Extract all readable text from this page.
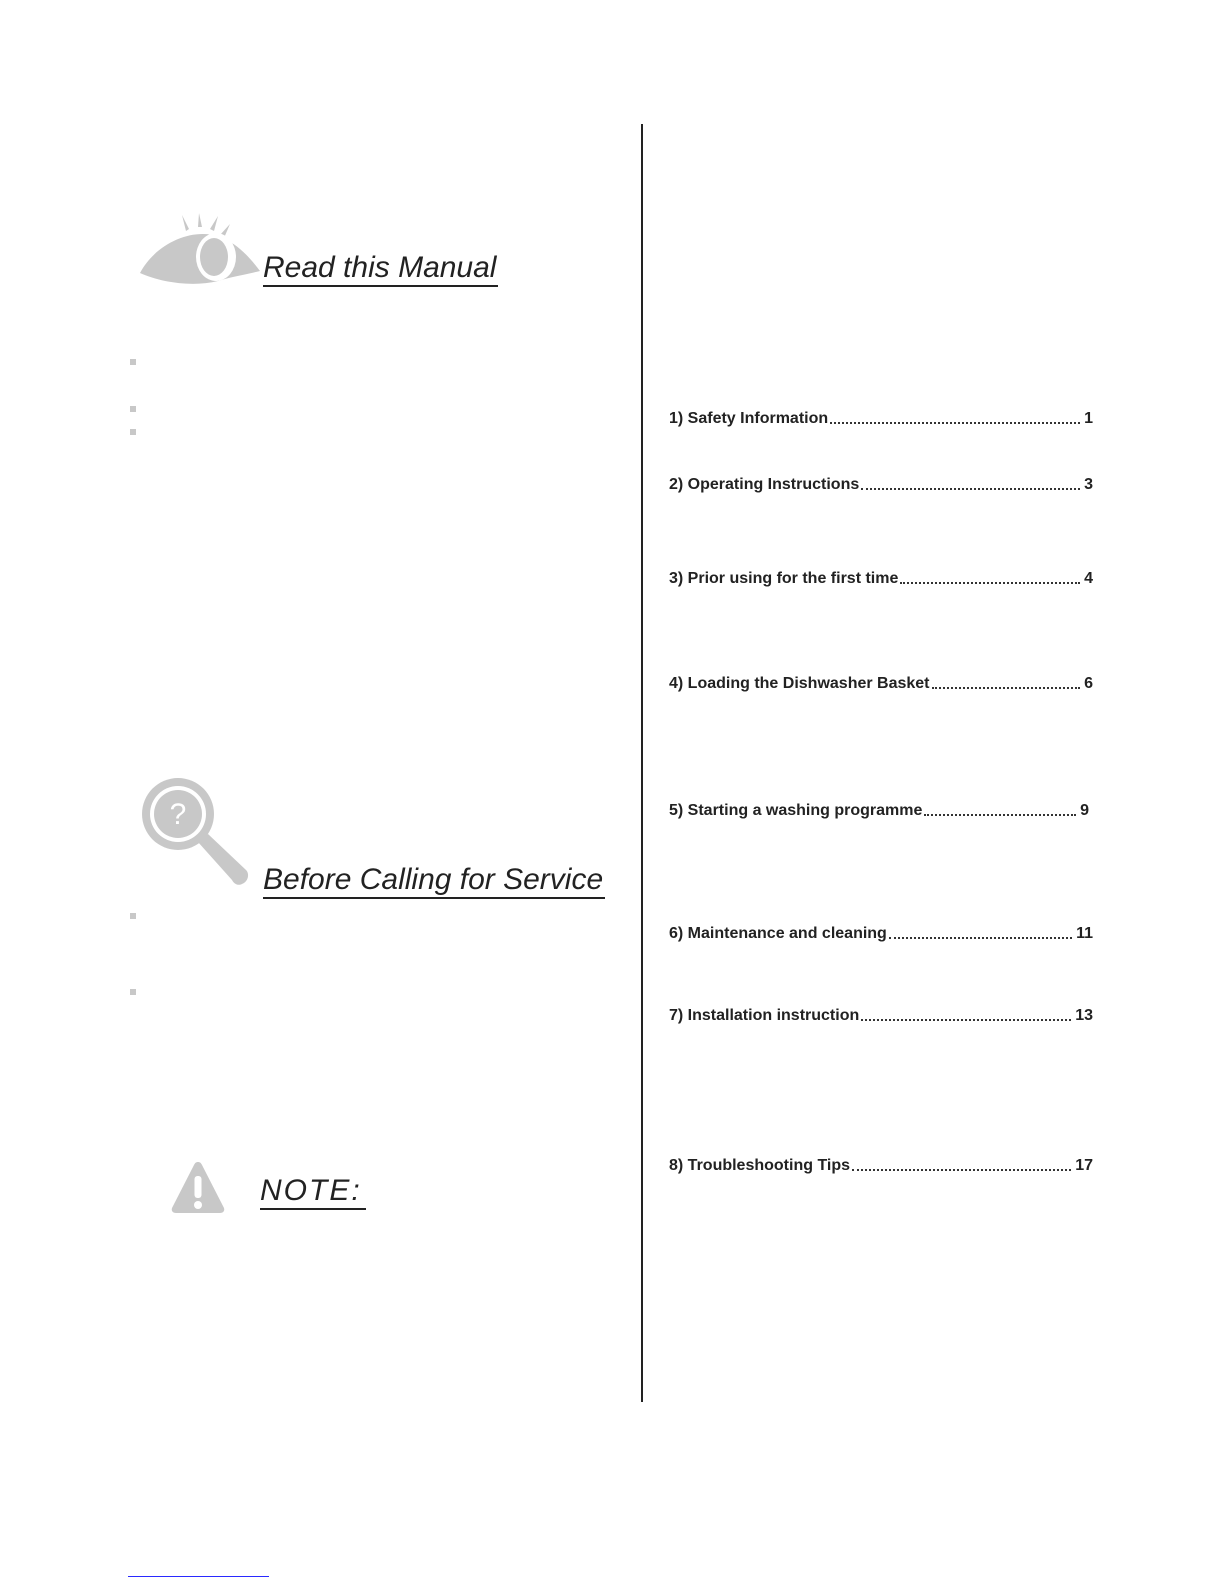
Read this Manual
?
Before Calling for Service
NOTE:
1) Safety Information	1
2) Operating Instructions	3
3) Prior using for the first time	4
4) Loading the Dishwasher Basket	6
5) Starting a washing programme	9
6) Maintenance and cleaning	11
7) Installation instruction	13
8) Troubleshooting Tips	17
